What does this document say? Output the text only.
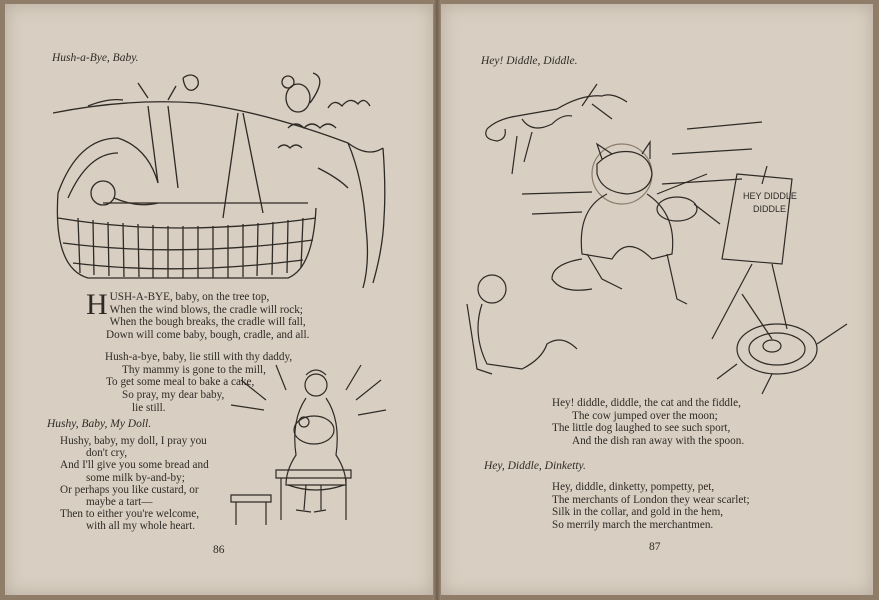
Hush-a-Bye, Baby.
H USH-A-BYE, baby, on the tree top,
When the wind blows, the cradle will rock;
When the bough breaks, the cradle will fall,
Down will come baby, bough, cradle, and all.
Hush-a-bye, baby, lie still with thy daddy,
Thy mammy is gone to the mill,
To get some meal to bake a cake,
So pray, my dear baby,
lie still.
Hushy, Baby, My Doll.
Hushy, baby, my doll, I pray you
don't cry,
And I'll give you some bread and
some milk by-and-by;
Or perhaps you like custard, or
maybe a tart—
Then to either you're welcome,
with all my whole heart.
86
Hey! Diddle, Diddle.
HEY DIDDLE
DIDDLE
Hey! diddle, diddle, the cat and the fiddle,
The cow jumped over the moon;
The little dog laughed to see such sport,
And the dish ran away with the spoon.
Hey, Diddle, Dinketty.
Hey, diddle, dinketty, pompetty, pet,
The merchants of London they wear scarlet;
Silk in the collar, and gold in the hem,
So merrily march the merchantmen.
87
